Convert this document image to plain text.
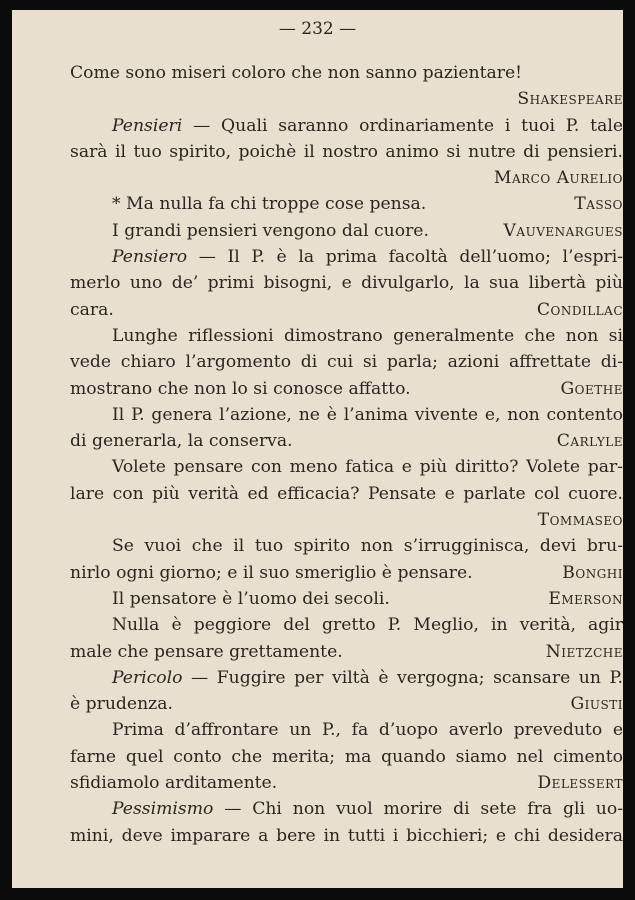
— 232 —
Come sono miseri coloro che non sanno pazientare!
Shakespeare
Pensieri — Quali saranno ordinariamente i tuoi P. tale
sarà il tuo spirito, poichè il nostro animo si nutre di pensieri.
Marco Aurelio
* Ma nulla fa chi troppe cose pensa.	Tasso
I grandi pensieri vengono dal cuore.	Vauvenargues
Pensiero — Il P. è la prima facoltà dell’uomo; l’espri-
merlo uno de’ primi bisogni, e divulgarlo, la sua libertà più
cara.	Condillac
Lunghe riflessioni dimostrano generalmente che non si
vede chiaro l’argomento di cui si parla; azioni affrettate di-
mostrano che non lo si conosce affatto.	Goethe
Il P. genera l’azione, ne è l’anima vivente e, non contento
di generarla, la conserva.	Carlyle
Volete pensare con meno fatica e più diritto? Volete par-
lare con più verità ed efficacia? Pensate e parlate col cuore.
Tommaseo
Se vuoi che il tuo spirito non s’irrugginisca, devi bru-
nirlo ogni giorno; e il suo smeriglio è pensare.	Bonghi
Il pensatore è l’uomo dei secoli.	Emerson
Nulla è peggiore del gretto P. Meglio, in verità, agir
male che pensare grettamente.	Nietzche
Pericolo — Fuggire per viltà è vergogna; scansare un P.
è prudenza.	Giusti
Prima d’affrontare un P., fa d’uopo averlo preveduto e
farne quel conto che merita; ma quando siamo nel cimento
sfidiamolo arditamente.	Delessert
Pessimismo — Chi non vuol morire di sete fra gli uo-
mini, deve imparare a bere in tutti i bicchieri; e chi desidera
